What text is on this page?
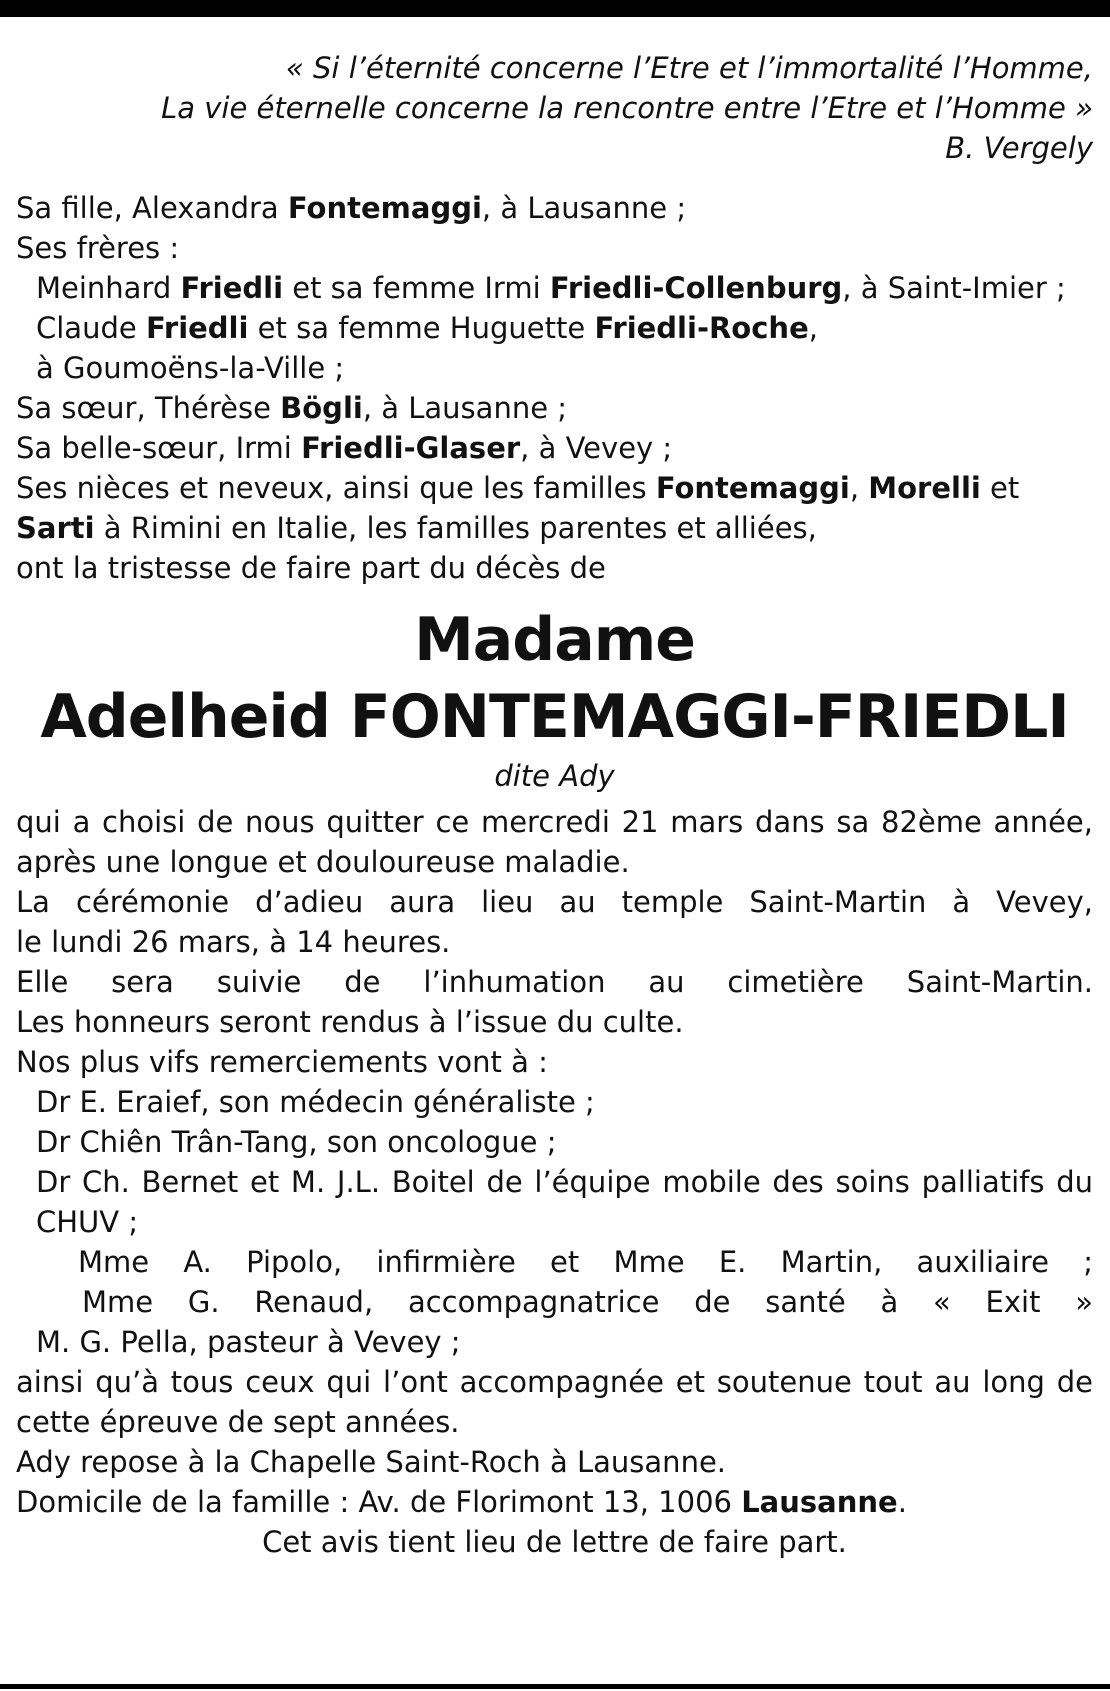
« Si l’éternité concerne l’Etre et l’immortalité l’Homme,
La vie éternelle concerne la rencontre entre l’Etre et l’Homme »
B. Vergely
Sa fille, Alexandra Fontemaggi, à Lausanne ;
Ses frères :
Meinhard Friedli et sa femme Irmi Friedli-Collenburg, à Saint-Imier ;
Claude Friedli et sa femme Huguette Friedli-Roche,
à Goumoëns-la-Ville ;
Sa sœur, Thérèse Bögli, à Lausanne ;
Sa belle-sœur, Irmi Friedli-Glaser, à Vevey ;
Ses nièces et neveux, ainsi que les familles Fontemaggi, Morelli et
Sarti à Rimini en Italie, les familles parentes et alliées,
ont la tristesse de faire part du décès de
Madame
Adelheid FONTEMAGGI-FRIEDLI
dite Ady
qui a choisi de nous quitter ce mercredi 21 mars dans sa 82ème année,
après une longue et douloureuse maladie.
La cérémonie d’adieu aura lieu au temple Saint-Martin à Vevey,
le lundi 26 mars, à 14 heures.
Elle sera suivie de l’inhumation au cimetière Saint-Martin.
Les honneurs seront rendus à l’issue du culte.
Nos plus vifs remerciements vont à :
Dr E. Eraief, son médecin généraliste ;
Dr Chiên Trân-Tang, son oncologue ;
Dr Ch. Bernet et M. J.L. Boitel de l’équipe mobile des soins palliatifs du
CHUV ;
Mme A. Pipolo, infirmière et Mme E. Martin, auxiliaire ;
Mme G. Renaud, accompagnatrice de santé à « Exit »
M. G. Pella, pasteur à Vevey ;
ainsi qu’à tous ceux qui l’ont accompagnée et soutenue tout au long de
cette épreuve de sept années.
Ady repose à la Chapelle Saint-Roch à Lausanne.
Domicile de la famille : Av. de Florimont 13, 1006 Lausanne.
Cet avis tient lieu de lettre de faire part.
